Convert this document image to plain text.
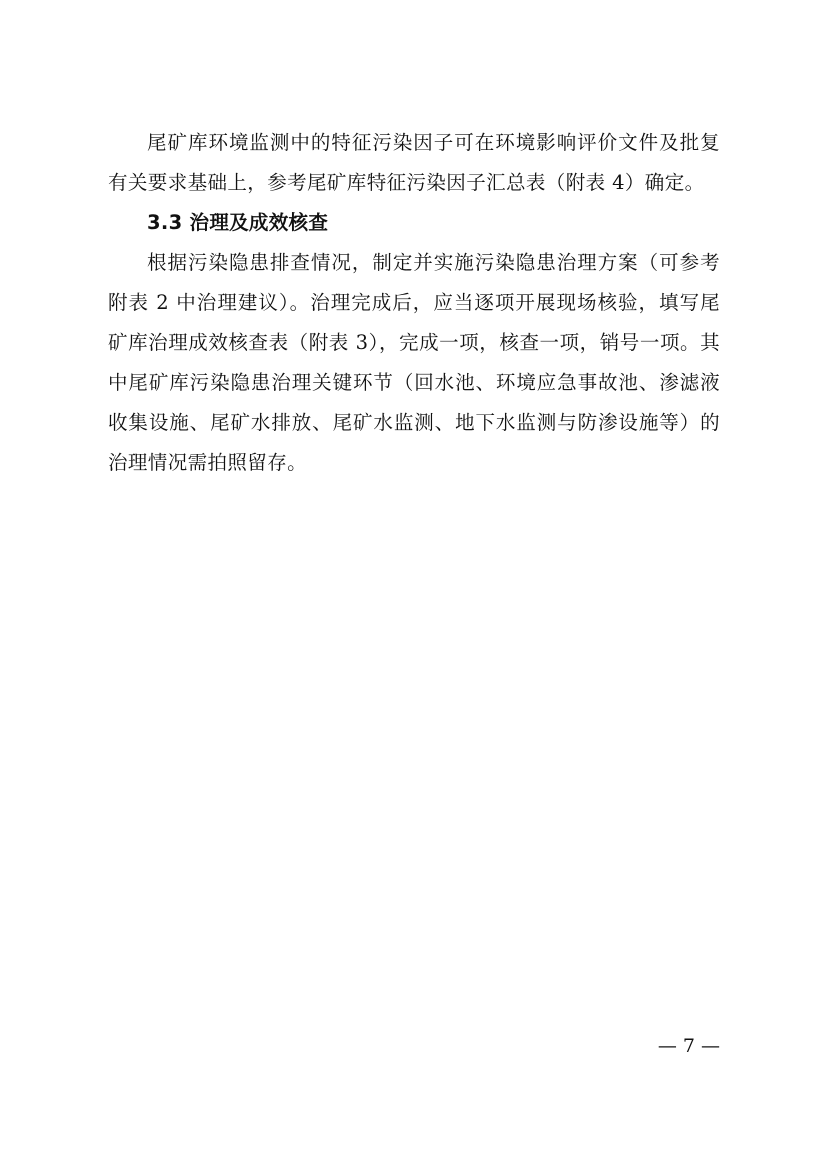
尾矿库环境监测中的特征污染因子可在环境影响评价文件及批复有关要求基础上，参考尾矿库特征污染因子汇总表（附表 4）确定。

3.3 治理及成效核查

根据污染隐患排查情况，制定并实施污染隐患治理方案（可参考附表 2 中治理建议）。治理完成后，应当逐项开展现场核验，填写尾矿库治理成效核查表（附表 3），完成一项，核查一项，销号一项。其中尾矿库污染隐患治理关键环节（回水池、环境应急事故池、渗滤液收集设施、尾矿水排放、尾矿水监测、地下水监测与防渗设施等）的治理情况需拍照留存。

— 7 —
